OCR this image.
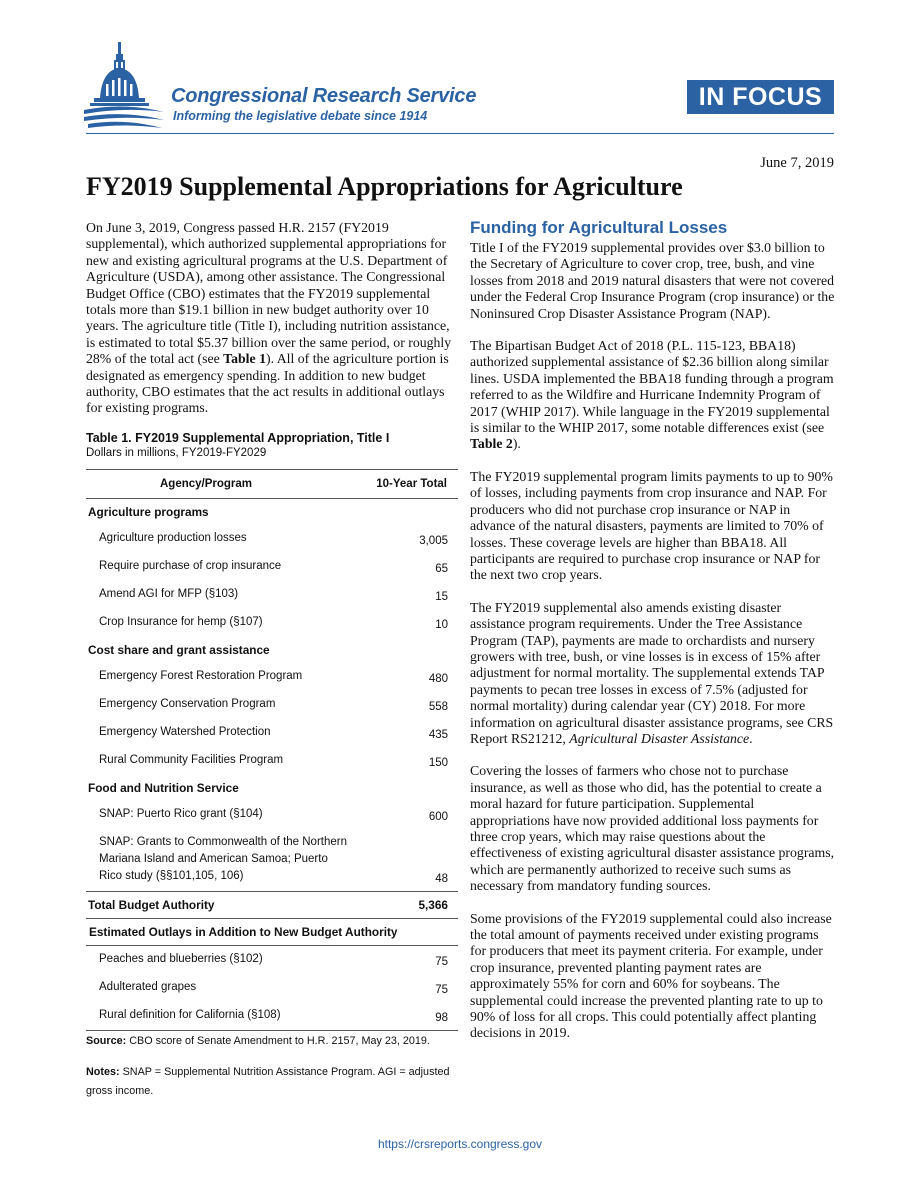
Congressional Research Service
Informing the legislative debate since 1914
IN FOCUS
June 7, 2019
FY2019 Supplemental Appropriations for Agriculture

On June 3, 2019, Congress passed H.R. 2157 (FY2019 supplemental), which authorized supplemental appropriations for new and existing agricultural programs at the U.S. Department of Agriculture (USDA), among other assistance. The Congressional Budget Office (CBO) estimates that the FY2019 supplemental totals more than $19.1 billion in new budget authority over 10 years. The agriculture title (Title I), including nutrition assistance, is estimated to total $5.37 billion over the same period, or roughly 28% of the total act (see Table 1). All of the agriculture portion is designated as emergency spending. In addition to new budget authority, CBO estimates that the act results in additional outlays for existing programs.

Table 1. FY2019 Supplemental Appropriation, Title I
Dollars in millions, FY2019-FY2029
Agency/Program	10-Year Total
Agriculture programs
Agriculture production losses	3,005
Require purchase of crop insurance	65
Amend AGI for MFP (§103)	15
Crop Insurance for hemp (§107)	10
Cost share and grant assistance
Emergency Forest Restoration Program	480
Emergency Conservation Program	558
Emergency Watershed Protection	435
Rural Community Facilities Program	150
Food and Nutrition Service
SNAP: Puerto Rico grant (§104)	600
SNAP: Grants to Commonwealth of the Northern Mariana Island and American Samoa; Puerto Rico study (§§101,105, 106)	48
Total Budget Authority	5,366
Estimated Outlays in Addition to New Budget Authority
Peaches and blueberries (§102)	75
Adulterated grapes	75
Rural definition for California (§108)	98
Source: CBO score of Senate Amendment to H.R. 2157, May 23, 2019.
Notes: SNAP = Supplemental Nutrition Assistance Program. AGI = adjusted gross income.
Funding for Agricultural Losses

Title I of the FY2019 supplemental provides over $3.0 billion to the Secretary of Agriculture to cover crop, tree, bush, and vine losses from 2018 and 2019 natural disasters that were not covered under the Federal Crop Insurance Program (crop insurance) or the Noninsured Crop Disaster Assistance Program (NAP).

The Bipartisan Budget Act of 2018 (P.L. 115-123, BBA18) authorized supplemental assistance of $2.36 billion along similar lines. USDA implemented the BBA18 funding through a program referred to as the Wildfire and Hurricane Indemnity Program of 2017 (WHIP 2017). While language in the FY2019 supplemental is similar to the WHIP 2017, some notable differences exist (see Table 2).

The FY2019 supplemental program limits payments to up to 90% of losses, including payments from crop insurance and NAP. For producers who did not purchase crop insurance or NAP in advance of the natural disasters, payments are limited to 70% of losses. These coverage levels are higher than BBA18. All participants are required to purchase crop insurance or NAP for the next two crop years.

The FY2019 supplemental also amends existing disaster assistance program requirements. Under the Tree Assistance Program (TAP), payments are made to orchardists and nursery growers with tree, bush, or vine losses is in excess of 15% after adjustment for normal mortality. The supplemental extends TAP payments to pecan tree losses in excess of 7.5% (adjusted for normal mortality) during calendar year (CY) 2018. For more information on agricultural disaster assistance programs, see CRS Report RS21212, Agricultural Disaster Assistance.

Covering the losses of farmers who chose not to purchase insurance, as well as those who did, has the potential to create a moral hazard for future participation. Supplemental appropriations have now provided additional loss payments for three crop years, which may raise questions about the effectiveness of existing agricultural disaster assistance programs, which are permanently authorized to receive such sums as necessary from mandatory funding sources.

Some provisions of the FY2019 supplemental could also increase the total amount of payments received under existing programs for producers that meet its payment criteria. For example, under crop insurance, prevented planting payment rates are approximately 55% for corn and 60% for soybeans. The supplemental could increase the prevented planting rate to up to 90% of loss for all crops. This could potentially affect planting decisions in 2019.

https://crsreports.congress.gov
